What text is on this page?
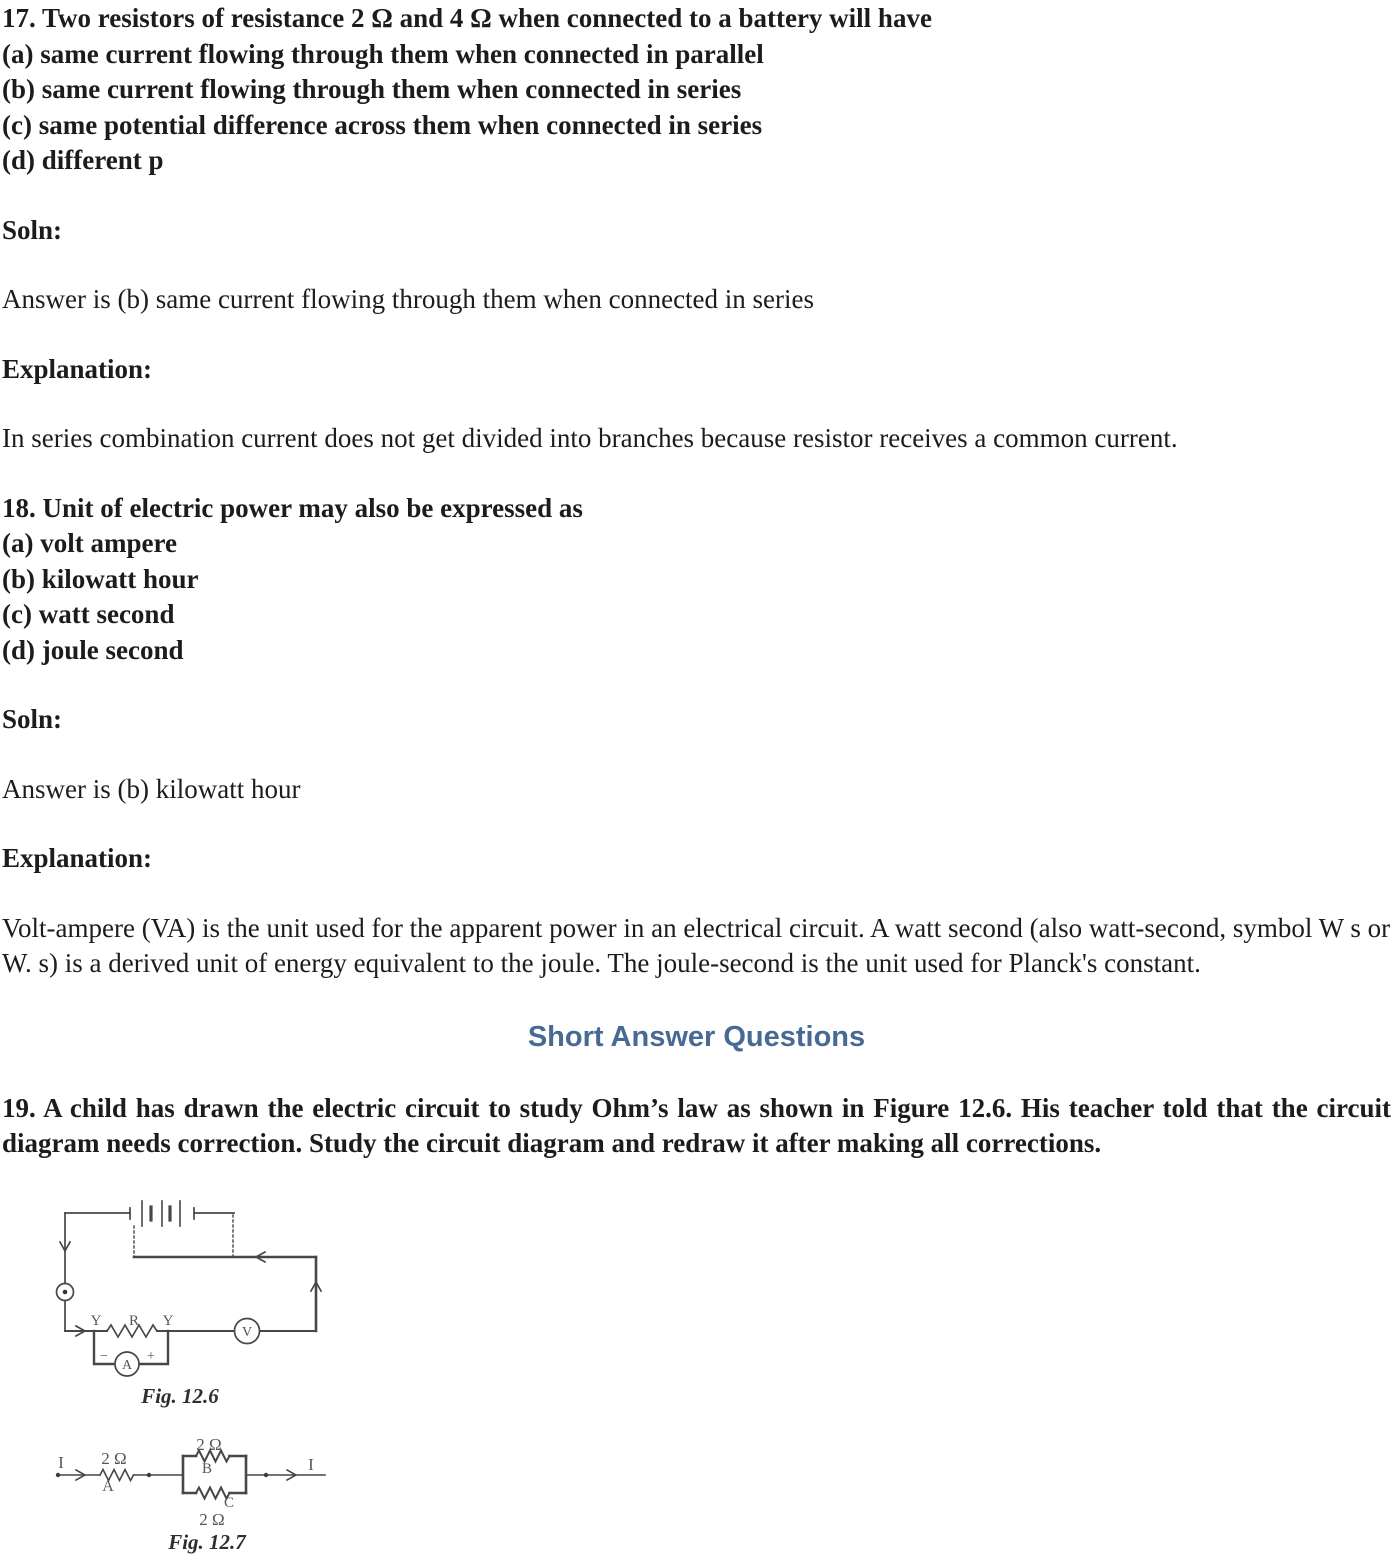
17. Two resistors of resistance 2 Ω and 4 Ω when connected to a battery will have
(a) same current flowing through them when connected in parallel
(b) same current flowing through them when connected in series
(c) same potential difference across them when connected in series
(d) different p

Soln:

Answer is (b) same current flowing through them when connected in series

Explanation:

In series combination current does not get divided into branches because resistor receives a common current.

18. Unit of electric power may also be expressed as
(a) volt ampere
(b) kilowatt hour
(c) watt second
(d) joule second

Soln:

Answer is (b) kilowatt hour

Explanation:

Volt-ampere (VA) is the unit used for the apparent power in an electrical circuit. A watt second (also watt-second, symbol W s or W. s) is a derived unit of energy equivalent to the joule. The joule-second is the unit used for Planck's constant.

Short Answer Questions

19. A child has drawn the electric circuit to study Ohm’s law as shown in Figure 12.6. His teacher told that the circuit diagram needs correction. Study the circuit diagram and redraw it after making all corrections.

Y R Y
V
A
−	+
Fig. 12.6
I 2 Ω
A
2 Ω
B
C
2 Ω
I
Fig. 12.7
